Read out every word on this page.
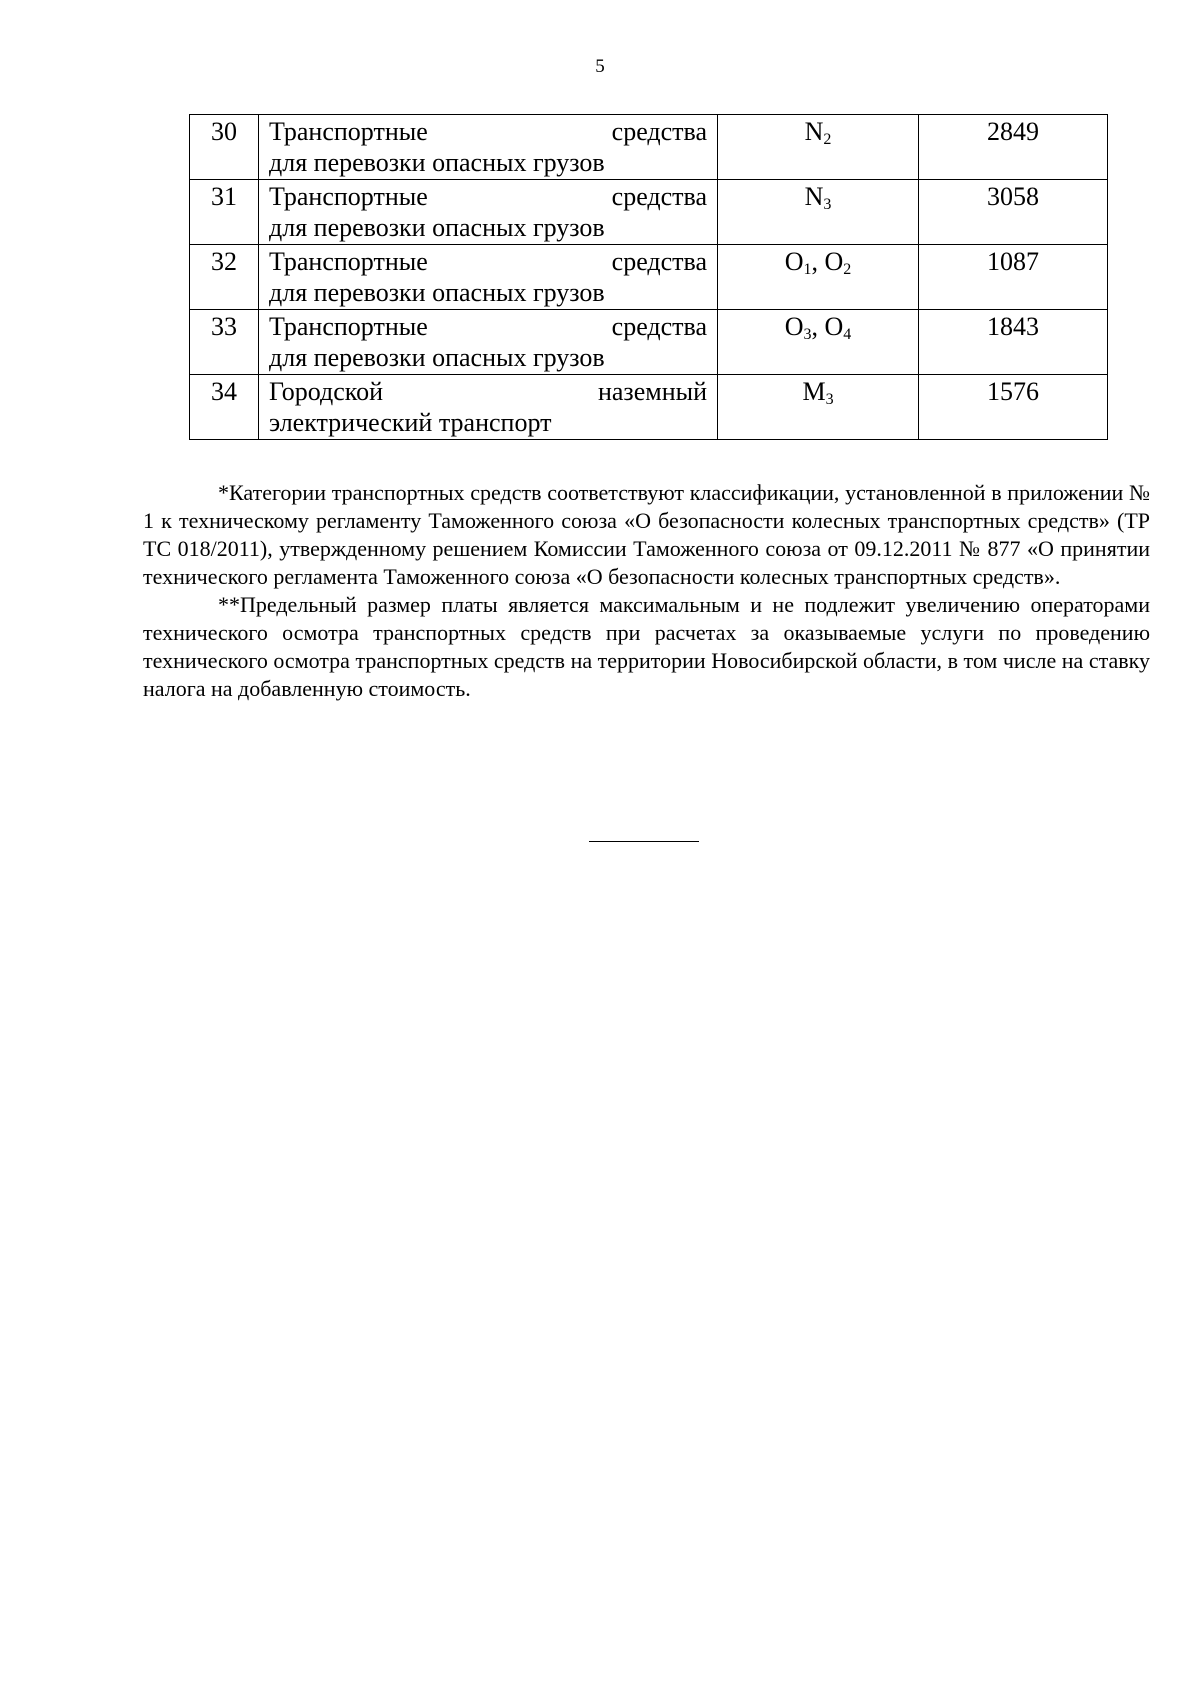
5
30	Транспортные средства
для перевозки опасных грузов	$N_2$	2849
31	Транспортные средства
для перевозки опасных грузов	$N_3$	3058
32	Транспортные средства
для перевозки опасных грузов	$O_1$, $O_2$	1087
33	Транспортные средства
для перевозки опасных грузов	$O_3$, $O_4$	1843
34	Городской наземный
электрический транспорт	$M_3$	1576

*Категории транспортных средств соответствуют классификации, установленной в приложении № 1 к техническому регламенту Таможенного союза «О безопасности колесных транспортных средств» (ТР ТС 018/2011), утвержденному решением Комиссии Таможенного союза от 09.12.2011 № 877 «О принятии технического регламента Таможенного союза «О безопасности колесных транспортных средств».

**Предельный размер платы является максимальным и не подлежит увеличению операторами технического осмотра транспортных средств при расчетах за оказываемые услуги по проведению технического осмотра транспортных средств на территории Новосибирской области, в том числе на ставку налога на добавленную стоимость.
